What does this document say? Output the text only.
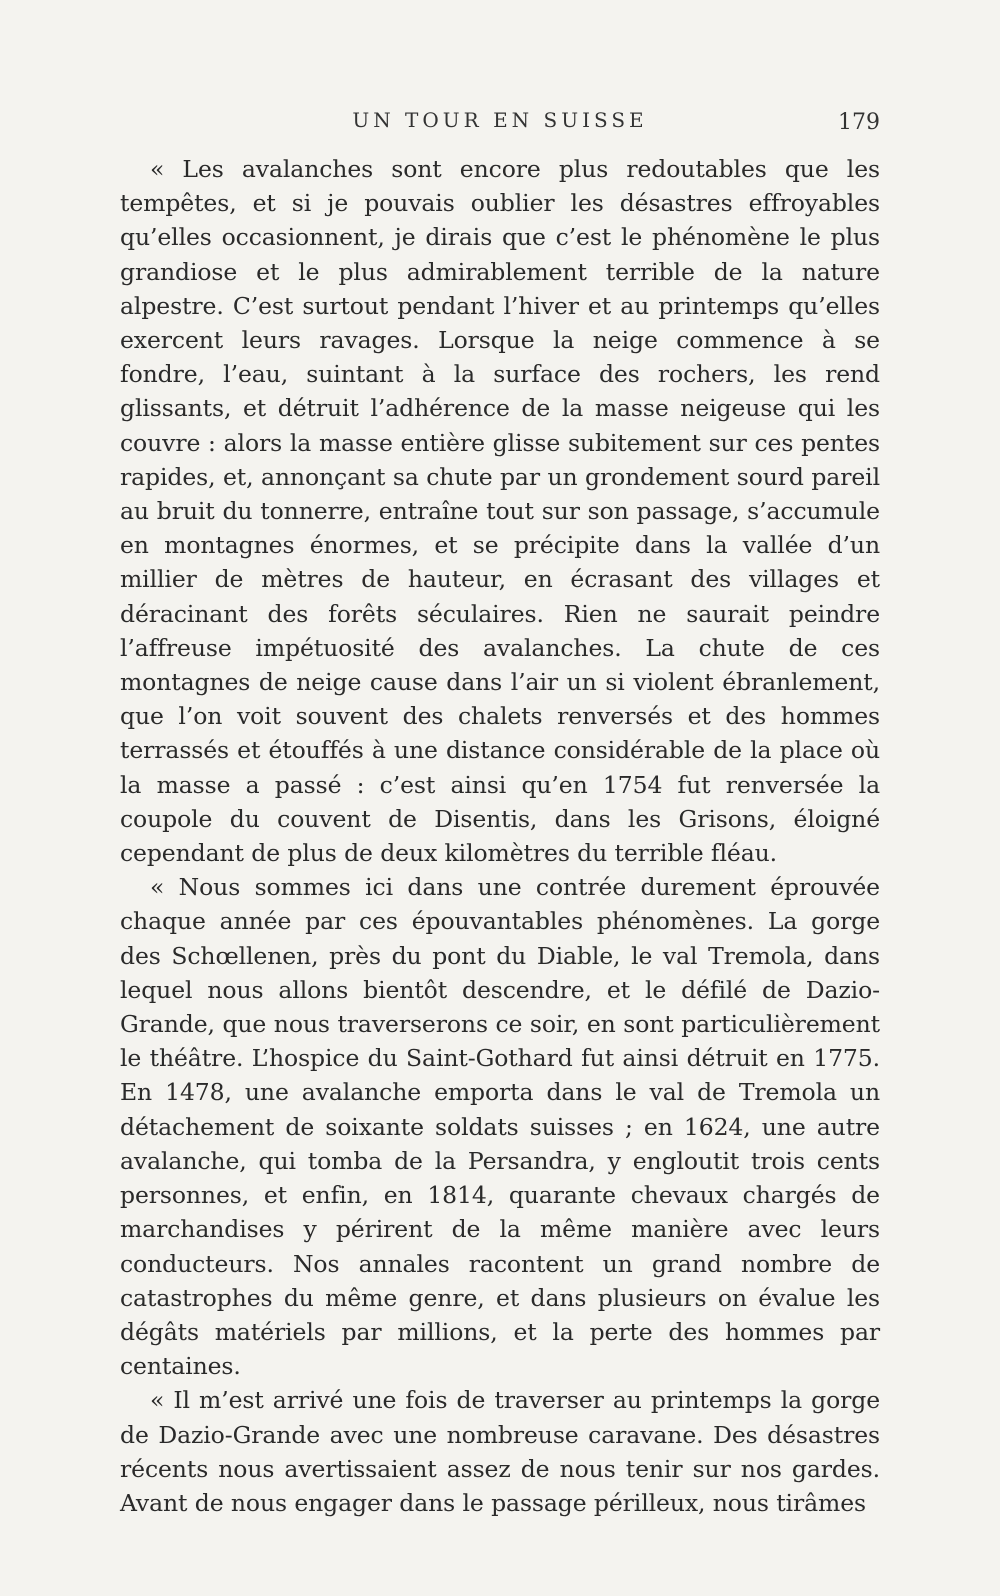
UN TOUR EN SUISSE	179

« Les avalanches sont encore plus redoutables que les tempêtes, et si je pouvais oublier les désastres effroyables qu’elles occasionnent, je dirais que c’est le phénomène le plus grandiose et le plus admirablement terrible de la nature alpestre. C’est surtout pendant l’hiver et au printemps qu’elles exercent leurs ravages. Lorsque la neige commence à se fondre, l’eau, suintant à la surface des rochers, les rend glissants, et détruit l’adhérence de la masse neigeuse qui les couvre : alors la masse entière glisse subitement sur ces pentes rapides, et, annonçant sa chute par un grondement sourd pareil au bruit du tonnerre, entraîne tout sur son passage, s’accumule en montagnes énormes, et se précipite dans la vallée d’un millier de mètres de hauteur, en écrasant des villages et déracinant des forêts séculaires. Rien ne saurait peindre l’affreuse impétuosité des avalanches. La chute de ces montagnes de neige cause dans l’air un si violent ébranlement, que l’on voit souvent des chalets renversés et des hommes terrassés et étouffés à une distance considérable de la place où la masse a passé : c’est ainsi qu’en 1754 fut renversée la coupole du couvent de Disentis, dans les Grisons, éloigné cependant de plus de deux kilomètres du terrible fléau.

« Nous sommes ici dans une contrée durement éprouvée chaque année par ces épouvantables phénomènes. La gorge des Schœllenen, près du pont du Diable, le val Tremola, dans lequel nous allons bientôt descendre, et le défilé de Dazio-Grande, que nous traverserons ce soir, en sont particulièrement le théâtre. L’hospice du Saint-Gothard fut ainsi détruit en 1775. En 1478, une avalanche emporta dans le val de Tremola un détachement de soixante soldats suisses ; en 1624, une autre avalanche, qui tomba de la Persandra, y engloutit trois cents personnes, et enfin, en 1814, quarante chevaux chargés de marchandises y périrent de la même manière avec leurs conducteurs. Nos annales racontent un grand nombre de catastrophes du même genre, et dans plusieurs on évalue les dégâts matériels par millions, et la perte des hommes par centaines.

« Il m’est arrivé une fois de traverser au printemps la gorge de Dazio-Grande avec une nombreuse caravane. Des désastres récents nous avertissaient assez de nous tenir sur nos gardes. Avant de nous engager dans le passage périlleux, nous tirâmes
